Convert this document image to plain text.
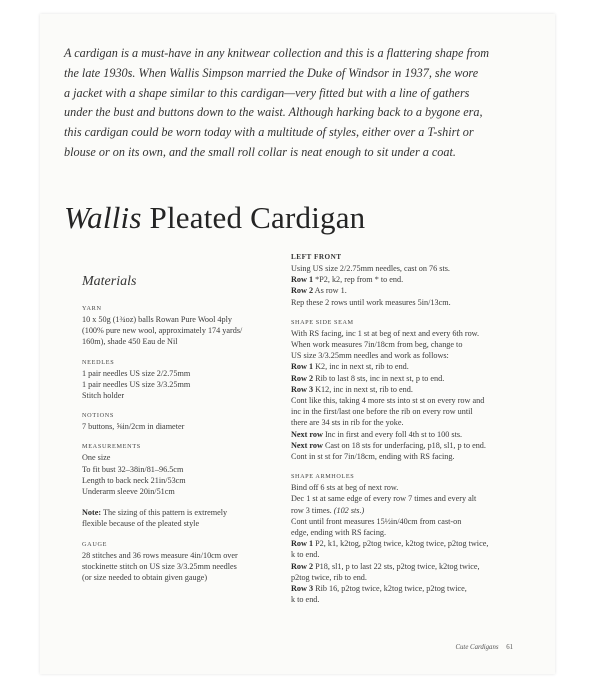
A cardigan is a must-have in any knitwear collection and this is a flattering shape from
the late 1930s. When Wallis Simpson married the Duke of Windsor in 1937, she wore
a jacket with a shape similar to this cardigan—very fitted but with a line of gathers
under the bust and buttons down to the waist. Although harking back to a bygone era,
this cardigan could be worn today with a multitude of styles, either over a T-shirt or
blouse or on its own, and the small roll collar is neat enough to sit under a coat.
Wallis Pleated Cardigan
Materials
YARN
10 x 50g (1¾oz) balls Rowan Pure Wool 4ply
(100% pure new wool, approximately 174 yards/
160m), shade 450 Eau de Nil
NEEDLES
1 pair needles US size 2/2.75mm
1 pair needles US size 3/3.25mm
Stitch holder
NOTIONS
7 buttons, ⅝in/2cm in diameter
MEASUREMENTS
One size
To fit bust 32–38in/81–96.5cm
Length to back neck 21in/53cm
Underarm sleeve 20in/51cm
Note: The sizing of this pattern is extremely
flexible because of the pleated style
GAUGE
28 stitches and 36 rows measure 4in/10cm over
stockinette stitch on US size 3/3.25mm needles
(or size needed to obtain given gauge)
LEFT FRONT
Using US size 2/2.75mm needles, cast on 76 sts.
Row 1 *P2, k2, rep from * to end.
Row 2 As row 1.
Rep these 2 rows until work measures 5in/13cm.
SHAPE SIDE SEAM
With RS facing, inc 1 st at beg of next and every 6th row.
When work measures 7in/18cm from beg, change to
US size 3/3.25mm needles and work as follows:
Row 1 K2, inc in next st, rib to end.
Row 2 Rib to last 8 sts, inc in next st, p to end.
Row 3 K12, inc in next st, rib to end.
Cont like this, taking 4 more sts into st st on every row and
inc in the first/last one before the rib on every row until
there are 34 sts in rib for the yoke.
Next row Inc in first and every foll 4th st to 100 sts.
Next row Cast on 18 sts for underfacing, p18, sl1, p to end.
Cont in st st for 7in/18cm, ending with RS facing.
SHAPE ARMHOLES
Bind off 6 sts at beg of next row.
Dec 1 st at same edge of every row 7 times and every alt
row 3 times. (102 sts.)
Cont until front measures 15½in/40cm from cast-on
edge, ending with RS facing.
Row 1 P2, k1, k2tog, p2tog twice, k2tog twice, p2tog twice,
k to end.
Row 2 P18, sl1, p to last 22 sts, p2tog twice, k2tog twice,
p2tog twice, rib to end.
Row 3 Rib 16, p2tog twice, k2tog twice, p2tog twice,
k to end.
Cute Cardigans 61
